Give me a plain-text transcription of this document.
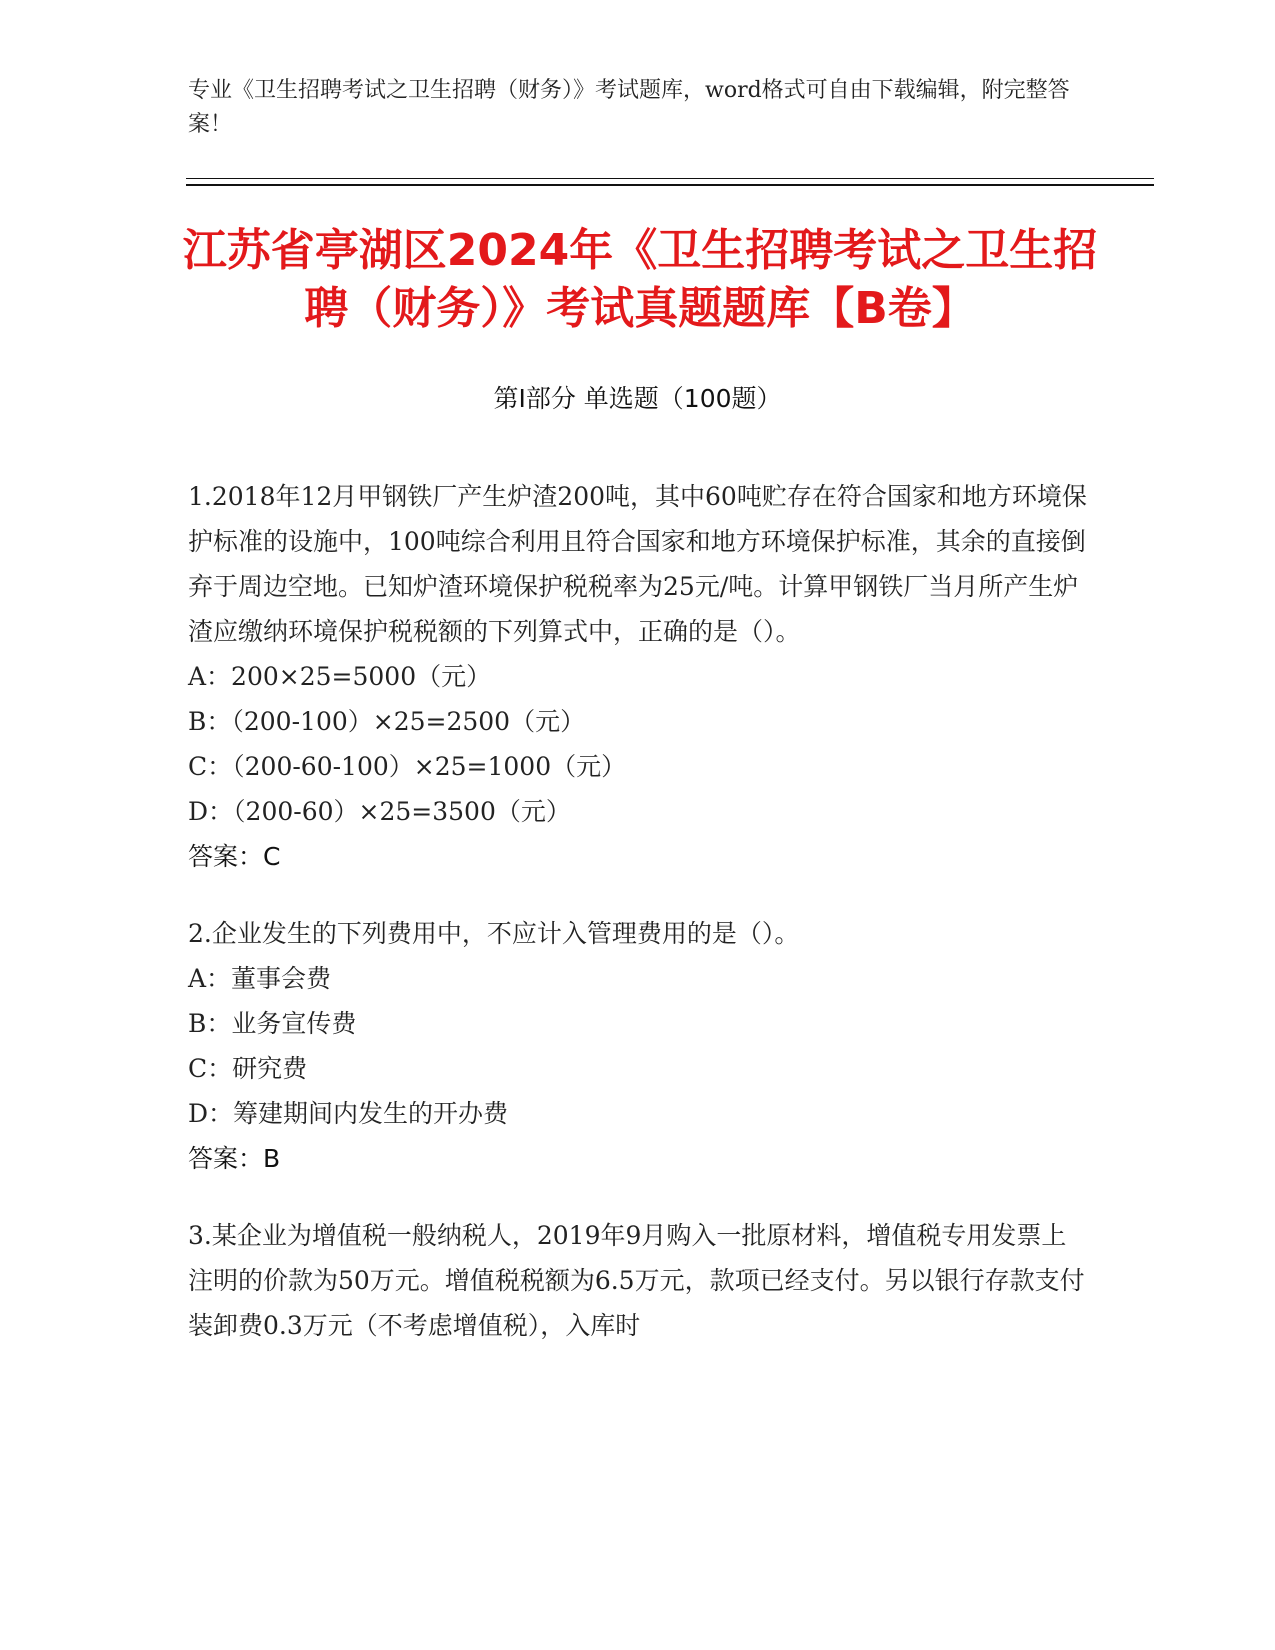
专业《卫生招聘考试之卫生招聘（财务）》考试题库，word格式可自由下载编辑，附完整答案！
江苏省亭湖区2024年《卫生招聘考试之卫生招聘（财务）》考试真题题库【B卷】
第Ⅰ部分 单选题（100题）

1.2018年12月甲钢铁厂产生炉渣200吨，其中60吨贮存在符合国家和地方环境保护标准的设施中，100吨综合利用且符合国家和地方环境保护标准，其余的直接倒弃于周边空地。已知炉渣环境保护税税率为25元/吨。计算甲钢铁厂当月所产生炉渣应缴纳环境保护税税额的下列算式中，正确的是（）。

A：200×25=5000（元）

B：（200-100）×25=2500（元）

C：（200-60-100）×25=1000（元）

D：（200-60）×25=3500（元）

答案：C

2.企业发生的下列费用中，不应计入管理费用的是（）。

A：董事会费

B：业务宣传费

C：研究费

D：筹建期间内发生的开办费

答案：B

3.某企业为增值税一般纳税人，2019年9月购入一批原材料，增值税专用发票上注明的价款为50万元。增值税税额为6.5万元，款项已经支付。另以银行存款支付装卸费0.3万元（不考虑增值税），入库时
